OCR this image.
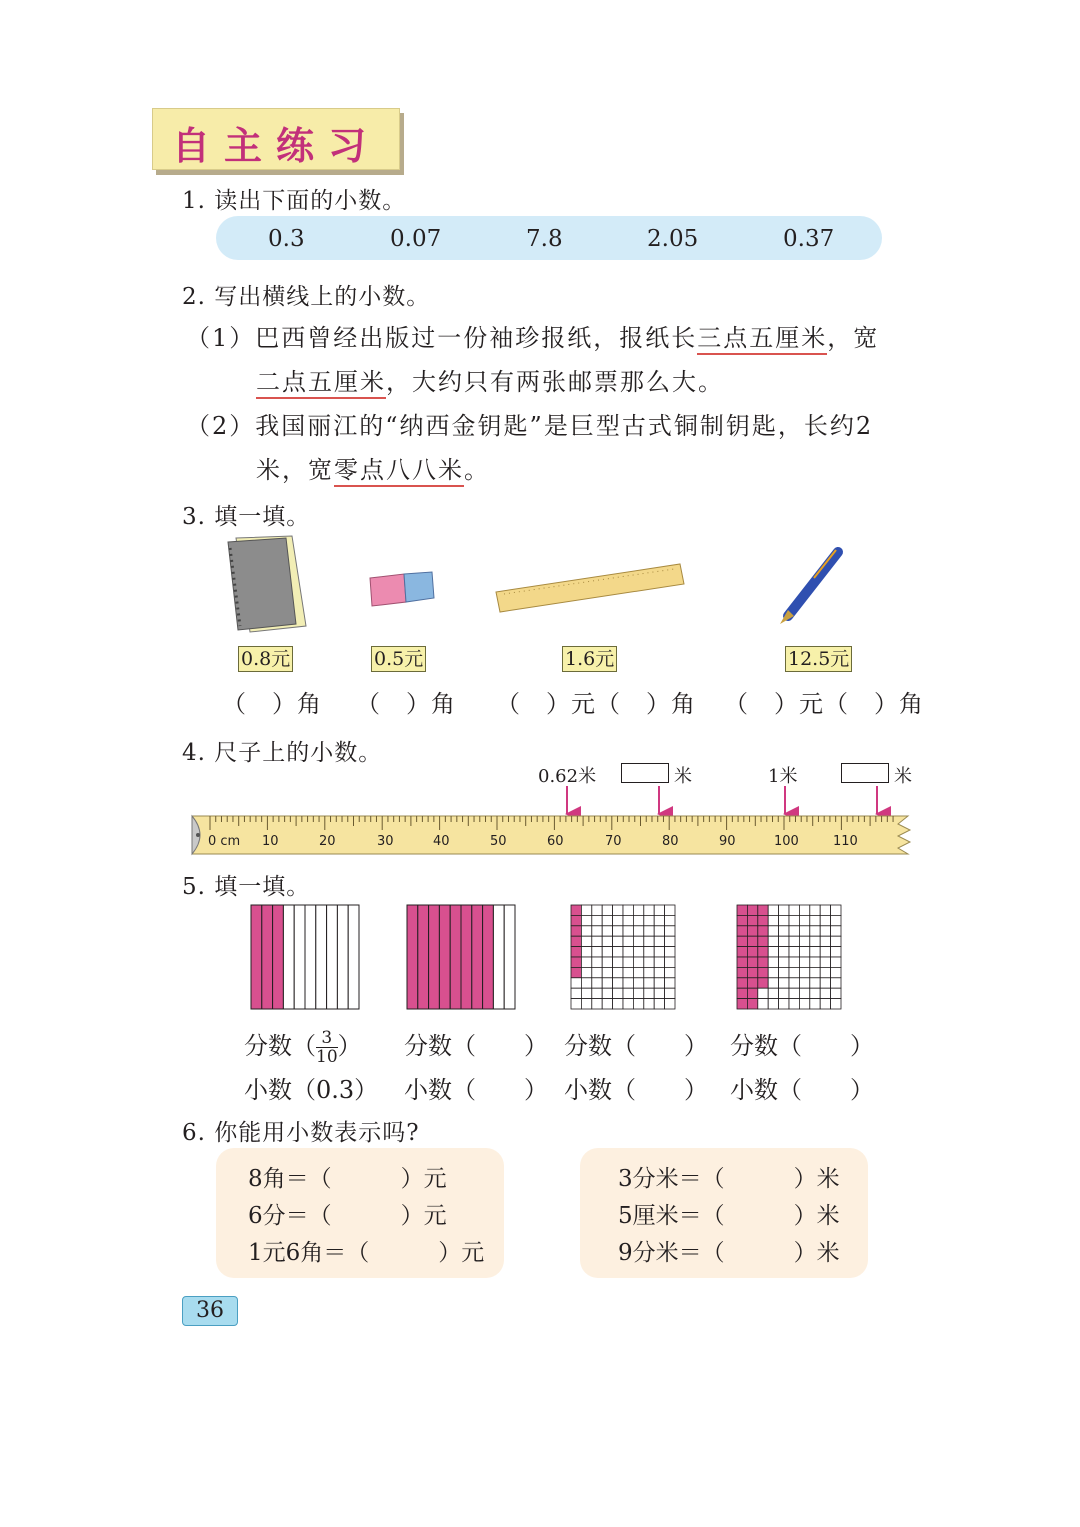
自主练习
1. 读出下面的小数。
0.3	0.07	7.8	2.05	0.37
2. 写出横线上的小数。
（1）巴西曾经出版过一份袖珍报纸，报纸长三点五厘米，宽
二点五厘米，大约只有两张邮票那么大。
（2）我国丽江的“纳西金钥匙”是巨型古式铜制钥匙，长约2
米，宽零点八八米。
3. 填一填。
0.8元	0.5元	1.6元	12.5元
（　）角 （　）角 （　）元（　）角 （　）元（　）角
4. 尺子上的小数。
0.62米	米	1米	米
0 cm 10	20	30	40	50	60	70	80	90	100	110
5. 填一填。
分数（ $\frac{3}{10}$ ）
小数（0.3）
分数（　　）
小数（　　）
分数（　　）
小数（　　）
分数（　　）
小数（　　）
6. 你能用小数表示吗?
8角＝（　　　）元
6分＝（　　　）元
1元6角＝（　　　）元
3分米＝（　　　）米
5厘米＝（　　　）米
9分米＝（　　　）米
36
